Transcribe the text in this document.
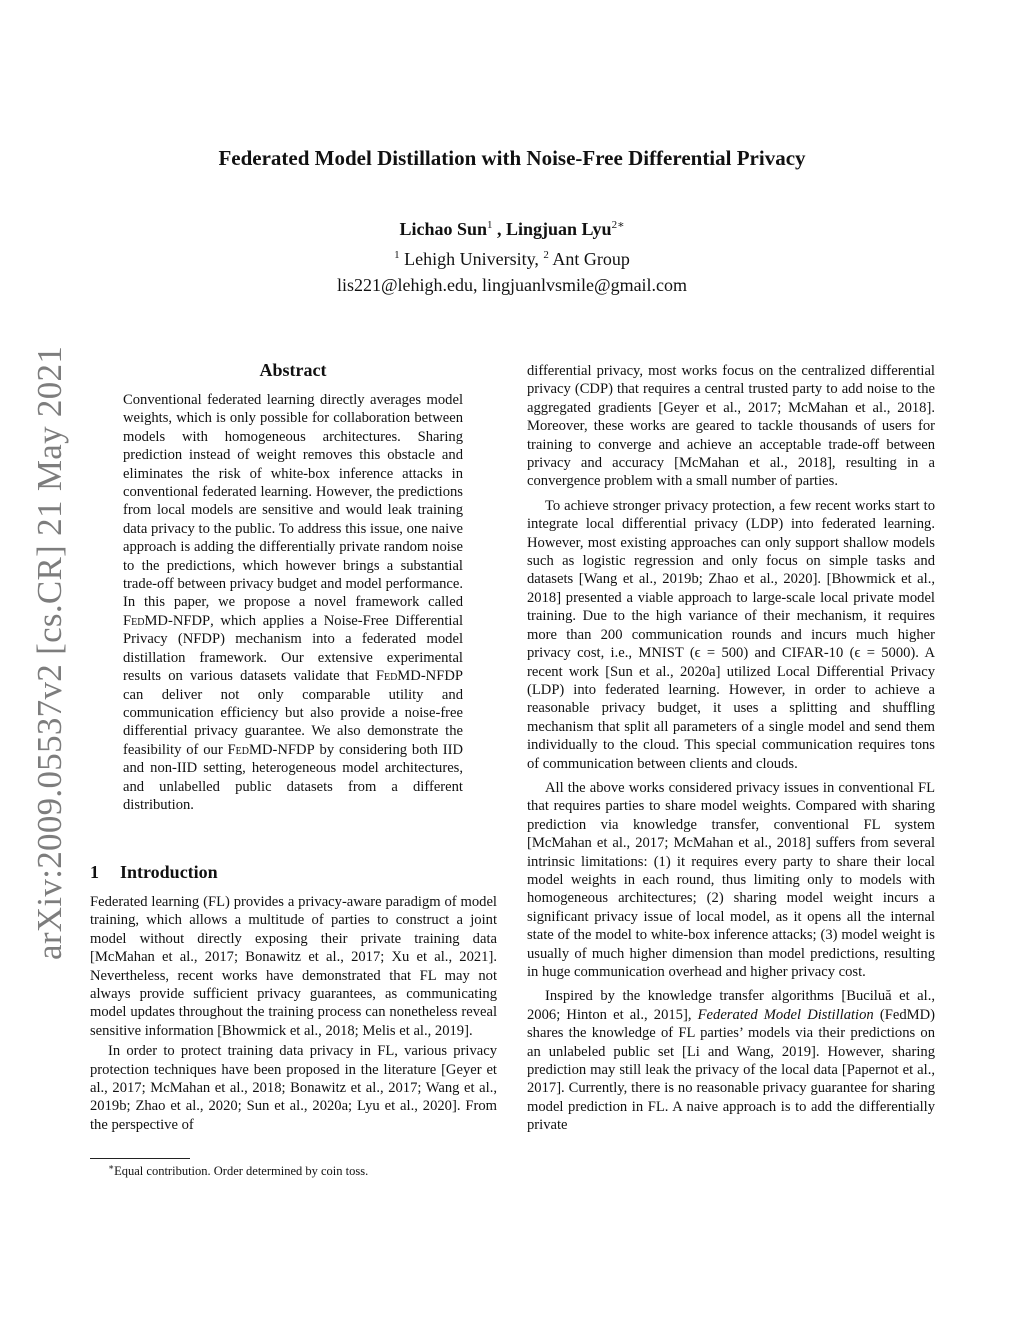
arXiv:2009.05537v2 [cs.CR] 21 May 2021
Federated Model Distillation with Noise-Free Differential Privacy
Lichao Sun$^1$ , Lingjuan Lyu$^{2∗}$
$^1$ Lehigh University, $^2$ Ant Group
lis221@lehigh.edu, lingjuanlvsmile@gmail.com
Abstract

Conventional federated learning directly averages model weights, which is only possible for collaboration between models with homogeneous architectures. Sharing prediction instead of weight removes this obstacle and eliminates the risk of white-box inference attacks in conventional federated learning. However, the predictions from local models are sensitive and would leak training data privacy to the public. To address this issue, one naive approach is adding the differentially private random noise to the predictions, which however brings a substantial trade-off between privacy budget and model performance. In this paper, we propose a novel framework called FedMD-NFDP, which applies a Noise-Free Differential Privacy (NFDP) mechanism into a federated model distillation framework. Our extensive experimental results on various datasets validate that FedMD-NFDP can deliver not only comparable utility and communication efficiency but also provide a noise-free differential privacy guarantee. We also demonstrate the feasibility of our FedMD-NFDP by considering both IID and non-IID setting, heterogeneous model architectures, and unlabelled public datasets from a different distribution.

1 Introduction

Federated learning (FL) provides a privacy-aware paradigm of model training, which allows a multitude of parties to construct a joint model without directly exposing their private training data [McMahan et al., 2017; Bonawitz et al., 2017; Xu et al., 2021]. Nevertheless, recent works have demonstrated that FL may not always provide sufficient privacy guarantees, as communicating model updates throughout the training process can nonetheless reveal sensitive information [Bhowmick et al., 2018; Melis et al., 2019].

In order to protect training data privacy in FL, various privacy protection techniques have been proposed in the literature [Geyer et al., 2017; McMahan et al., 2018; Bonawitz et al., 2017; Wang et al., 2019b; Zhao et al., 2020; Sun et al., 2020a; Lyu et al., 2020]. From the perspective of

∗Equal contribution. Order determined by coin toss.

differential privacy, most works focus on the centralized differential privacy (CDP) that requires a central trusted party to add noise to the aggregated gradients [Geyer et al., 2017; McMahan et al., 2018]. Moreover, these works are geared to tackle thousands of users for training to converge and achieve an acceptable trade-off between privacy and accuracy [McMahan et al., 2018], resulting in a convergence problem with a small number of parties.

To achieve stronger privacy protection, a few recent works start to integrate local differential privacy (LDP) into federated learning. However, most existing approaches can only support shallow models such as logistic regression and only focus on simple tasks and datasets [Wang et al., 2019b; Zhao et al., 2020]. [Bhowmick et al., 2018] presented a viable approach to large-scale local private model training. Due to the high variance of their mechanism, it requires more than 200 communication rounds and incurs much higher privacy cost, i.e., MNIST (ϵ = 500) and CIFAR-10 (ϵ = 5000). A recent work [Sun et al., 2020a] utilized Local Differential Privacy (LDP) into federated learning. However, in order to achieve a reasonable privacy budget, it uses a splitting and shuffling mechanism that split all parameters of a single model and send them individually to the cloud. This special communication requires tons of communication between clients and clouds.

All the above works considered privacy issues in conventional FL that requires parties to share model weights. Compared with sharing prediction via knowledge transfer, conventional FL system [McMahan et al., 2017; McMahan et al., 2018] suffers from several intrinsic limitations: (1) it requires every party to share their local model weights in each round, thus limiting only to models with homogeneous architectures; (2) sharing model weight incurs a significant privacy issue of local model, as it opens all the internal state of the model to white-box inference attacks; (3) model weight is usually of much higher dimension than model predictions, resulting in huge communication overhead and higher privacy cost.

Inspired by the knowledge transfer algorithms [Buciluă et al., 2006; Hinton et al., 2015], Federated Model Distillation (FedMD) shares the knowledge of FL parties’ models via their predictions on an unlabeled public set [Li and Wang, 2019]. However, sharing prediction may still leak the privacy of the local data [Papernot et al., 2017]. Currently, there is no reasonable privacy guarantee for sharing model prediction in FL. A naive approach is to add the differentially private
